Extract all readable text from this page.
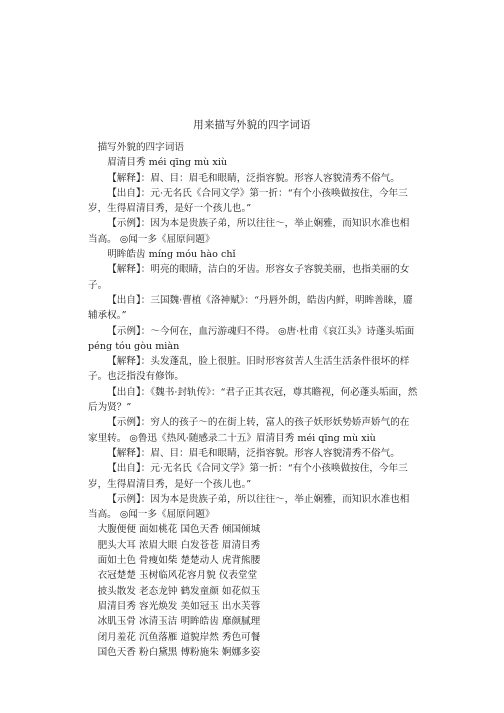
用来描写外貌的四字词语

描写外貌的四字词语

眉清目秀 méi qīng mù xiù

【解释】：眉、目：眉毛和眼睛，泛指容貌。形容人容貌清秀不俗气。

【出自】：元·无名氏《合同文学》第一折：“有个小孩唤做按住，今年三岁，生得眉清目秀，是好一个孩儿也。”

【示例】：因为本是贵族子弟，所以往往～，举止娴雅，而知识水准也相当高。 ◎闻一多《屈原问题》

明眸皓齿 míng móu hào chǐ

【解释】：明亮的眼睛，洁白的牙齿。形容女子容貌美丽，也指美丽的女子。

【出自】：三国魏·曹植《洛神赋》：“丹唇外朗，皓齿内鲜，明眸善睐，靥辅承权。”

【示例】：～今何在，血污游魂归不得。 ◎唐·杜甫《哀江头》诗蓬头垢面 péng tóu gòu miàn

【解释】：头发蓬乱，脸上很脏。旧时形容贫苦人生活生活条件很坏的样子。也泛指没有修饰。

【出自】：《魏书·封轨传》：“君子正其衣冠，尊其瞻视，何必蓬头垢面，然后为贤？”

【示例】：穷人的孩子～的在街上转，富人的孩子妖形妖势娇声娇气的在家里转。 ◎鲁迅《热风·随感录二十五》眉清目秀 méi qīng mù xiù

【解释】：眉、目：眉毛和眼睛，泛指容貌。形容人容貌清秀不俗气。

【出自】：元·无名氏《合同文学》第一折：“有个小孩唤做按住，今年三岁，生得眉清目秀，是好一个孩儿也。”

【示例】：因为本是贵族子弟，所以往往～，举止娴雅，而知识水准也相当高。 ◎闻一多《屈原问题》

大腹便便 面如桃花 国色天香 倾国倾城

肥头大耳 浓眉大眼 白发苍苍 眉清目秀

面如土色 骨瘦如柴 楚楚动人 虎背熊腰

衣冠楚楚 玉树临风花容月貌 仪表堂堂

披头散发 老态龙钟 鹤发童颜 如花似玉

眉清目秀 容光焕发 美如冠玉 出水芙蓉

冰肌玉骨 冰清玉洁 明眸皓齿 靡颜腻理

闭月羞花 沉鱼落雁 道貌岸然 秀色可餐

国色天香 粉白黛黑 傅粉施朱 婀娜多姿
